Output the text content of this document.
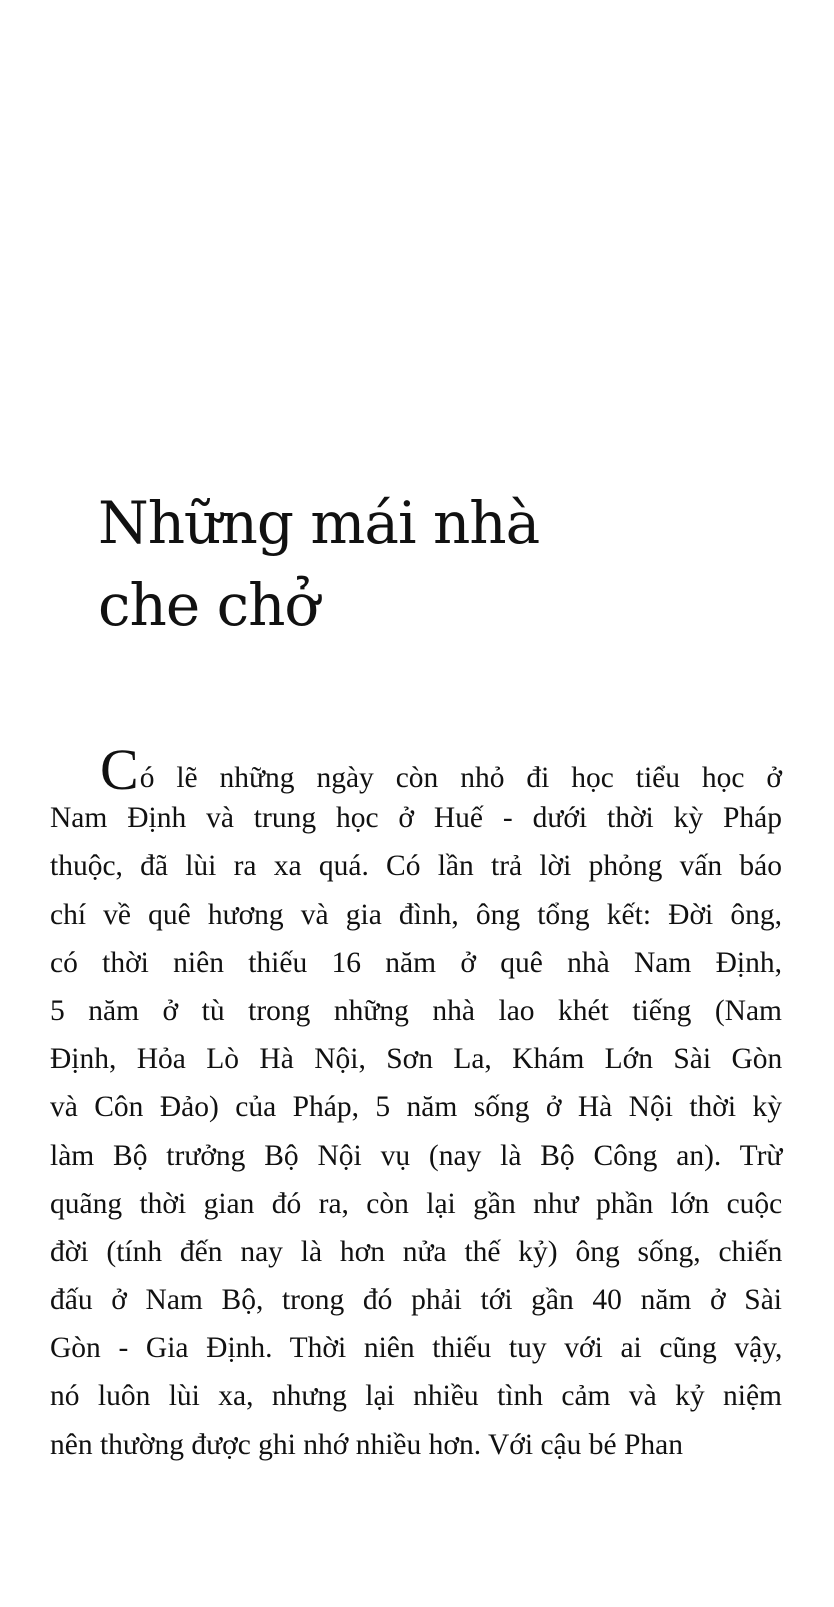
Những mái nhà
che chở
Có lẽ những ngày còn nhỏ đi học tiểu học ở
Nam Định và trung học ở Huế - dưới thời kỳ Pháp
thuộc, đã lùi ra xa quá. Có lần trả lời phỏng vấn báo
chí về quê hương và gia đình, ông tổng kết: Đời ông,
có thời niên thiếu 16 năm ở quê nhà Nam Định,
5 năm ở tù trong những nhà lao khét tiếng (Nam
Định, Hỏa Lò Hà Nội, Sơn La, Khám Lớn Sài Gòn
và Côn Đảo) của Pháp, 5 năm sống ở Hà Nội thời kỳ
làm Bộ trưởng Bộ Nội vụ (nay là Bộ Công an). Trừ
quãng thời gian đó ra, còn lại gần như phần lớn cuộc
đời (tính đến nay là hơn nửa thế kỷ) ông sống, chiến
đấu ở Nam Bộ, trong đó phải tới gần 40 năm ở Sài
Gòn - Gia Định. Thời niên thiếu tuy với ai cũng vậy,
nó luôn lùi xa, nhưng lại nhiều tình cảm và kỷ niệm
nên thường được ghi nhớ nhiều hơn. Với cậu bé Phan
